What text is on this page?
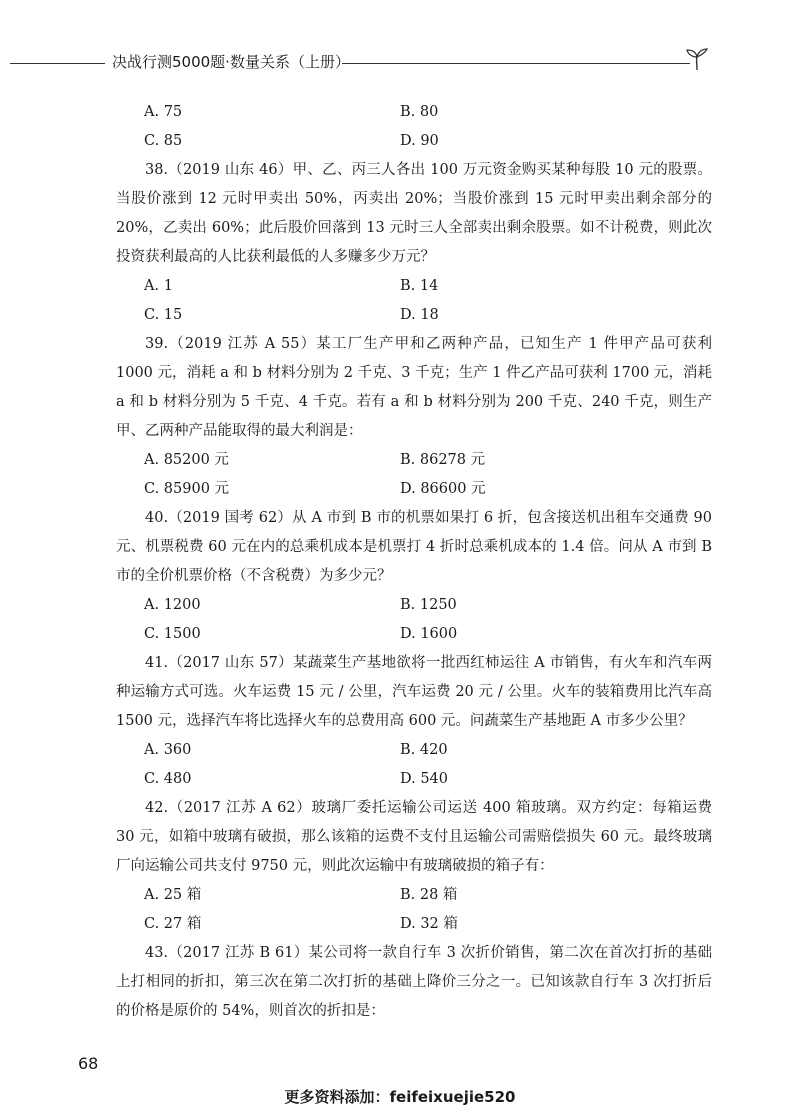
决战行测5000题·数量关系（上册）
A. 75	B. 80
C. 85	D. 90

38.（2019 山东 46）甲、乙、丙三人各出 100 万元资金购买某种每股 10 元的股票。当股价涨到 12 元时甲卖出 50%，丙卖出 20%；当股价涨到 15 元时甲卖出剩余部分的 20%，乙卖出 60%；此后股价回落到 13 元时三人全部卖出剩余股票。如不计税费，则此次投资获利最高的人比获利最低的人多赚多少万元？

A. 1	B. 14
C. 15	D. 18

39.（2019 江苏 A 55）某工厂生产甲和乙两种产品，已知生产 1 件甲产品可获利 1000 元，消耗 a 和 b 材料分别为 2 千克、3 千克；生产 1 件乙产品可获利 1700 元，消耗 a 和 b 材料分别为 5 千克、4 千克。若有 a 和 b 材料分别为 200 千克、240 千克，则生产甲、乙两种产品能取得的最大利润是：

A. 85200 元	B. 86278 元
C. 85900 元	D. 86600 元

40.（2019 国考 62）从 A 市到 B 市的机票如果打 6 折，包含接送机出租车交通费 90 元、机票税费 60 元在内的总乘机成本是机票打 4 折时总乘机成本的 1.4 倍。问从 A 市到 B 市的全价机票价格（不含税费）为多少元？

A. 1200	B. 1250
C. 1500	D. 1600

41.（2017 山东 57）某蔬菜生产基地欲将一批西红柿运往 A 市销售，有火车和汽车两种运输方式可选。火车运费 15 元 / 公里，汽车运费 20 元 / 公里。火车的装箱费用比汽车高 1500 元，选择汽车将比选择火车的总费用高 600 元。问蔬菜生产基地距 A 市多少公里？

A. 360	B. 420
C. 480	D. 540

42.（2017 江苏 A 62）玻璃厂委托运输公司运送 400 箱玻璃。双方约定：每箱运费 30 元，如箱中玻璃有破损，那么该箱的运费不支付且运输公司需赔偿损失 60 元。最终玻璃厂向运输公司共支付 9750 元，则此次运输中有玻璃破损的箱子有：

A. 25 箱	B. 28 箱
C. 27 箱	D. 32 箱

43.（2017 江苏 B 61）某公司将一款自行车 3 次折价销售，第二次在首次打折的基础上打相同的折扣，第三次在第二次打折的基础上降价三分之一。已知该款自行车 3 次打折后的价格是原价的 54%，则首次的折扣是：

68
更多资料添加：feifeixuejie520
